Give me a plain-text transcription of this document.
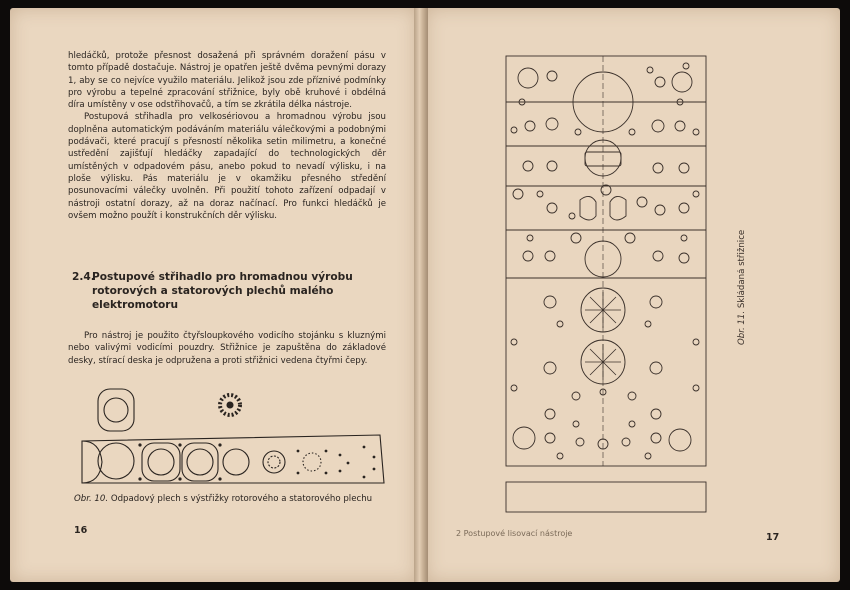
hledáčků, protože přesnost dosažená při správném doražení pásu v tomto případě dostačuje. Nástroj je opatřen ještě dvěma pevnými dorazy 1, aby se co nejvíce využilo materiálu. Jelikož jsou zde příznivé podmínky pro výrobu a tepelné zpracování střižnice, byly obě kruhové i obdélná díra umístěny v ose odstřihovačů, a tím se zkrátila délka nástroje.

Postupová střihadla pro velkosériovou a hromadnou výrobu jsou doplněna automatickým podáváním materiálu válečkovými a podobnými podávači, které pracují s přesností několika setin milimetru, a konečné ustředění zajišťují hledáčky zapadající do technologických děr umístěných v odpadovém pásu, anebo pokud to nevadí výlisku, i na ploše výlisku. Pás materiálu je v okamžiku přesného středění posunovacími válečky uvolněn. Při použití tohoto zařízení odpadají v nástroji ostatní dorazy, až na doraz načínací. Pro funkci hledáčků je ovšem možno použít i konstrukčních děr výlisku.

2.4.
Postupové střihadlo pro hromadnou výrobu rotorových a statorových plechů malého elektromotoru
Pro nástroj je použito čtyřsloupkového vodicího stojánku s kluznými nebo valivými vodicími pouzdry. Střižnice je zapuštěna do základové desky, stírací deska je odpružena a proti střižnici vedena čtyřmi čepy.
Obr. 10. Odpadový plech s výstřižky rotorového a statorového plechu
16
Obr. 11. Skládaná střižnice
2 Postupové lisovací nástroje	17
